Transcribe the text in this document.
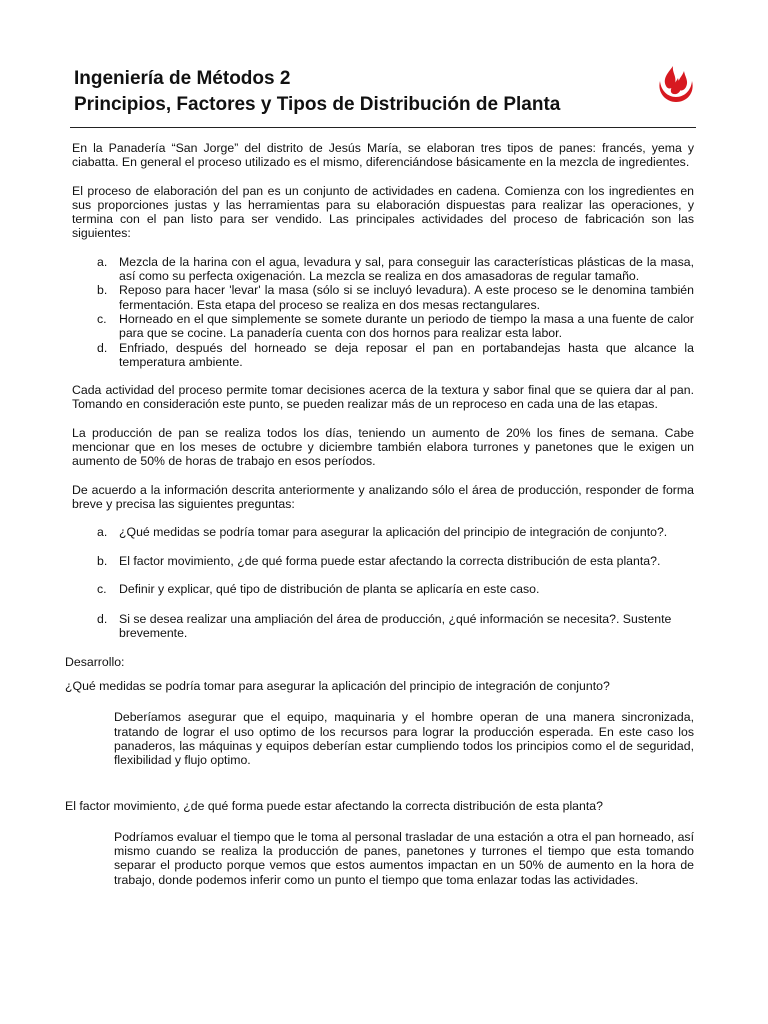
Ingeniería de Métodos 2
Principios, Factores y Tipos de Distribución de Planta

En la Panadería “San Jorge” del distrito de Jesús María, se elaboran tres tipos de panes: francés, yema y ciabatta. En general el proceso utilizado es el mismo, diferenciándose básicamente en la mezcla de ingredientes.

El proceso de elaboración del pan es un conjunto de actividades en cadena. Comienza con los ingredientes en sus proporciones justas y las herramientas para su elaboración dispuestas para realizar las operaciones, y termina con el pan listo para ser vendido. Las principales actividades del proceso de fabricación son las siguientes:

a. Mezcla de la harina con el agua, levadura y sal, para conseguir las características plásticas de la masa, así como su perfecta oxigenación. La mezcla se realiza en dos amasadoras de regular tamaño.
b. Reposo para hacer 'levar' la masa (sólo si se incluyó levadura). A este proceso se le denomina también fermentación. Esta etapa del proceso se realiza en dos mesas rectangulares.
c.	Horneado en el que simplemente se somete durante un periodo de tiempo la masa a una fuente de calor para que se cocine. La panadería cuenta con dos hornos para realizar esta labor.
d. Enfriado, después del horneado se deja reposar el pan en portabandejas hasta que alcance la temperatura ambiente.

Cada actividad del proceso permite tomar decisiones acerca de la textura y sabor final que se quiera dar al pan. Tomando en consideración este punto, se pueden realizar más de un reproceso en cada una de las etapas.

La producción de pan se realiza todos los días, teniendo un aumento de 20% los fines de semana. Cabe mencionar que en los meses de octubre y diciembre también elabora turrones y panetones que le exigen un aumento de 50% de horas de trabajo en esos períodos.

De acuerdo a la información descrita anteriormente y analizando sólo el área de producción, responder de forma breve y precisa las siguientes preguntas:

a. ¿Qué medidas se podría tomar para asegurar la aplicación del principio de integración de conjunto?.
b. El factor movimiento, ¿de qué forma puede estar afectando la correcta distribución de esta planta?.
c.	Definir y explicar, qué tipo de distribución de planta se aplicaría en este caso.
d. Si se desea realizar una ampliación del área de producción, ¿qué información se necesita?. Sustente brevemente.

Desarrollo:

¿Qué medidas se podría tomar para asegurar la aplicación del principio de integración de conjunto?

Deberíamos asegurar que el equipo, maquinaria y el hombre operan de una manera sincronizada, tratando de lograr el uso optimo de los recursos para lograr la producción esperada. En este caso los panaderos, las máquinas y equipos deberían estar cumpliendo todos los principios como el de seguridad, flexibilidad y flujo optimo.

El factor movimiento, ¿de qué forma puede estar afectando la correcta distribución de esta planta?

Podríamos evaluar el tiempo que le toma al personal trasladar de una estación a otra el pan horneado, así mismo cuando se realiza la producción de panes, panetones y turrones el tiempo que esta tomando separar el producto porque vemos que estos aumentos impactan en un 50% de aumento en la hora de trabajo, donde podemos inferir como un punto el tiempo que toma enlazar todas las actividades.
